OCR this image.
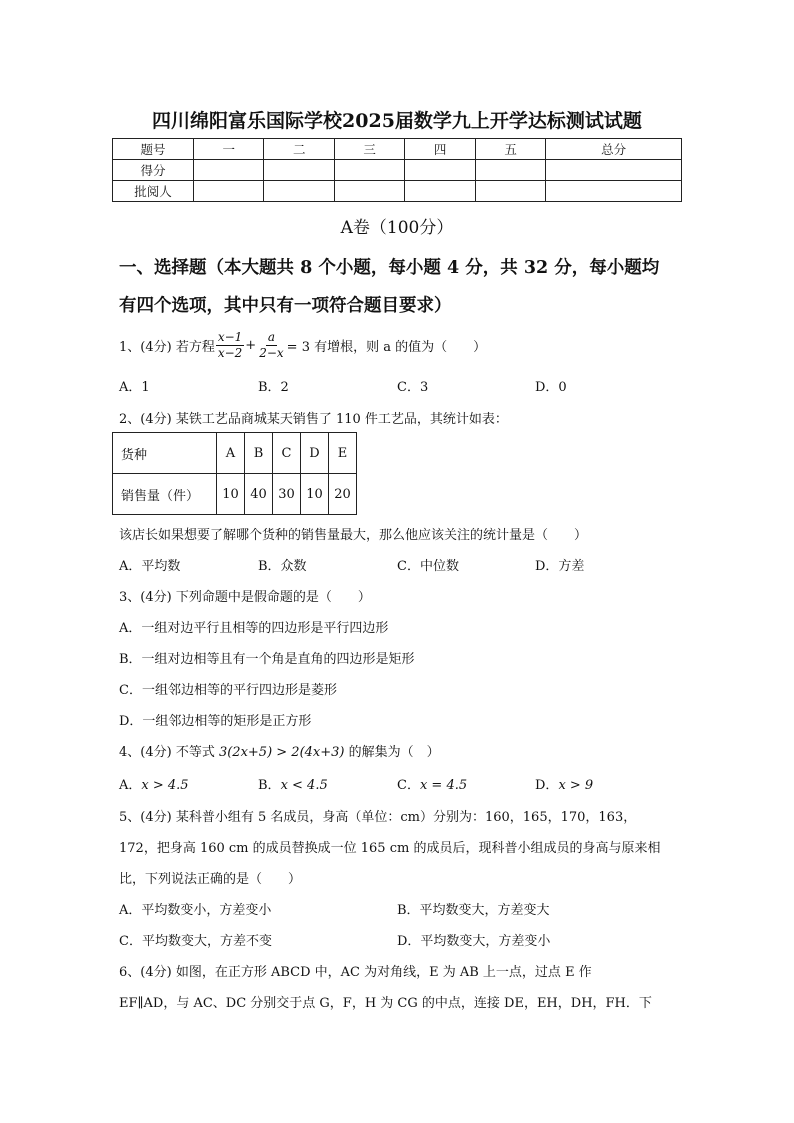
四川绵阳富乐国际学校2025届数学九上开学达标测试试题
题号	一	二	三	四	五	总分
得分						
批阅人						
A卷（100分）
一、选择题（本大题共 8 个小题，每小题 4 分，共 32 分，每小题均
有四个选项，其中只有一项符合题目要求）
1、(4分) 若方程 $\frac{x-1}{x-2} + \frac{a}{2-x} = 3$ 有增根，则 a 的值为（　　）
A．1	B．2	C．3	D．0
2、(4分) 某铁工艺品商城某天销售了 110 件工艺品，其统计如表：
货种	A	B	C	D	E
销售量（件）	10	40	30	10	20
该店长如果想要了解哪个货种的销售量最大，那么他应该关注的统计量是（　　）
A．平均数	B．众数	C．中位数	D．方差
3、(4分) 下列命题中是假命题的是（　　）
A．一组对边平行且相等的四边形是平行四边形
B．一组对边相等且有一个角是直角的四边形是矩形
C．一组邻边相等的平行四边形是菱形
D．一组邻边相等的矩形是正方形
4、(4分) 不等式 3(2x+5) > 2(4x+3) 的解集为（　）
A．x > 4.5	B．x < 4.5	C．x = 4.5	D．x > 9
5、(4分) 某科普小组有 5 名成员，身高（单位：cm）分别为：160，165，170，163，
172，把身高 160 cm 的成员替换成一位 165 cm 的成员后，现科普小组成员的身高与原来相
比，下列说法正确的是（　　）
A．平均数变小，方差变小	B．平均数变大，方差变大
C．平均数变大，方差不变	D．平均数变大，方差变小
6、(4分) 如图，在正方形 ABCD 中，AC 为对角线，E 为 AB 上一点，过点 E 作
EF∥AD，与 AC、DC 分别交于点 G，F，H 为 CG 的中点，连接 DE，EH，DH，FH．下
